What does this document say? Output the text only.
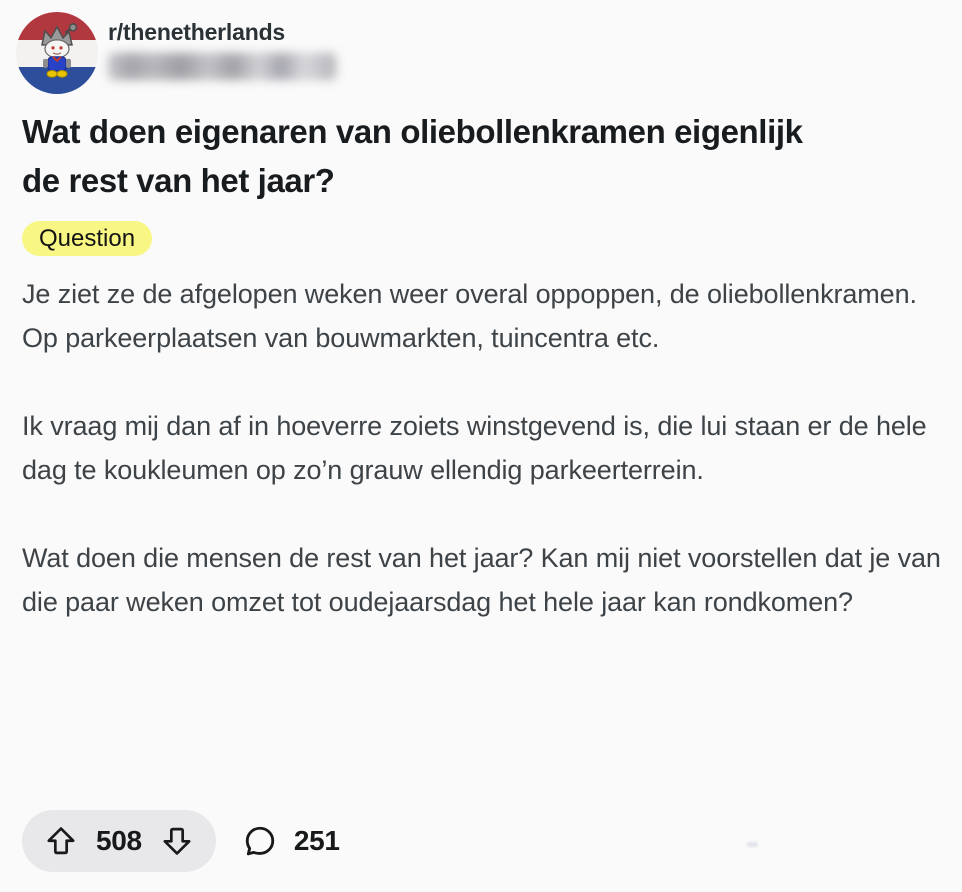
r/thenetherlands
Wat doen eigenaren van oliebollenkramen eigenlijk de rest van het jaar?
Question

Je ziet ze de afgelopen weken weer overal oppoppen, de oliebollenkramen. Op parkeerplaatsen van bouwmarkten, tuincentra etc.

Ik vraag mij dan af in hoeverre zoiets winstgevend is, die lui staan er de hele dag te koukleumen op zo’n grauw ellendig parkeerterrein.

Wat doen die mensen de rest van het jaar? Kan mij niet voorstellen dat je van die paar weken omzet tot oudejaarsdag het hele jaar kan rondkomen?

508	251
